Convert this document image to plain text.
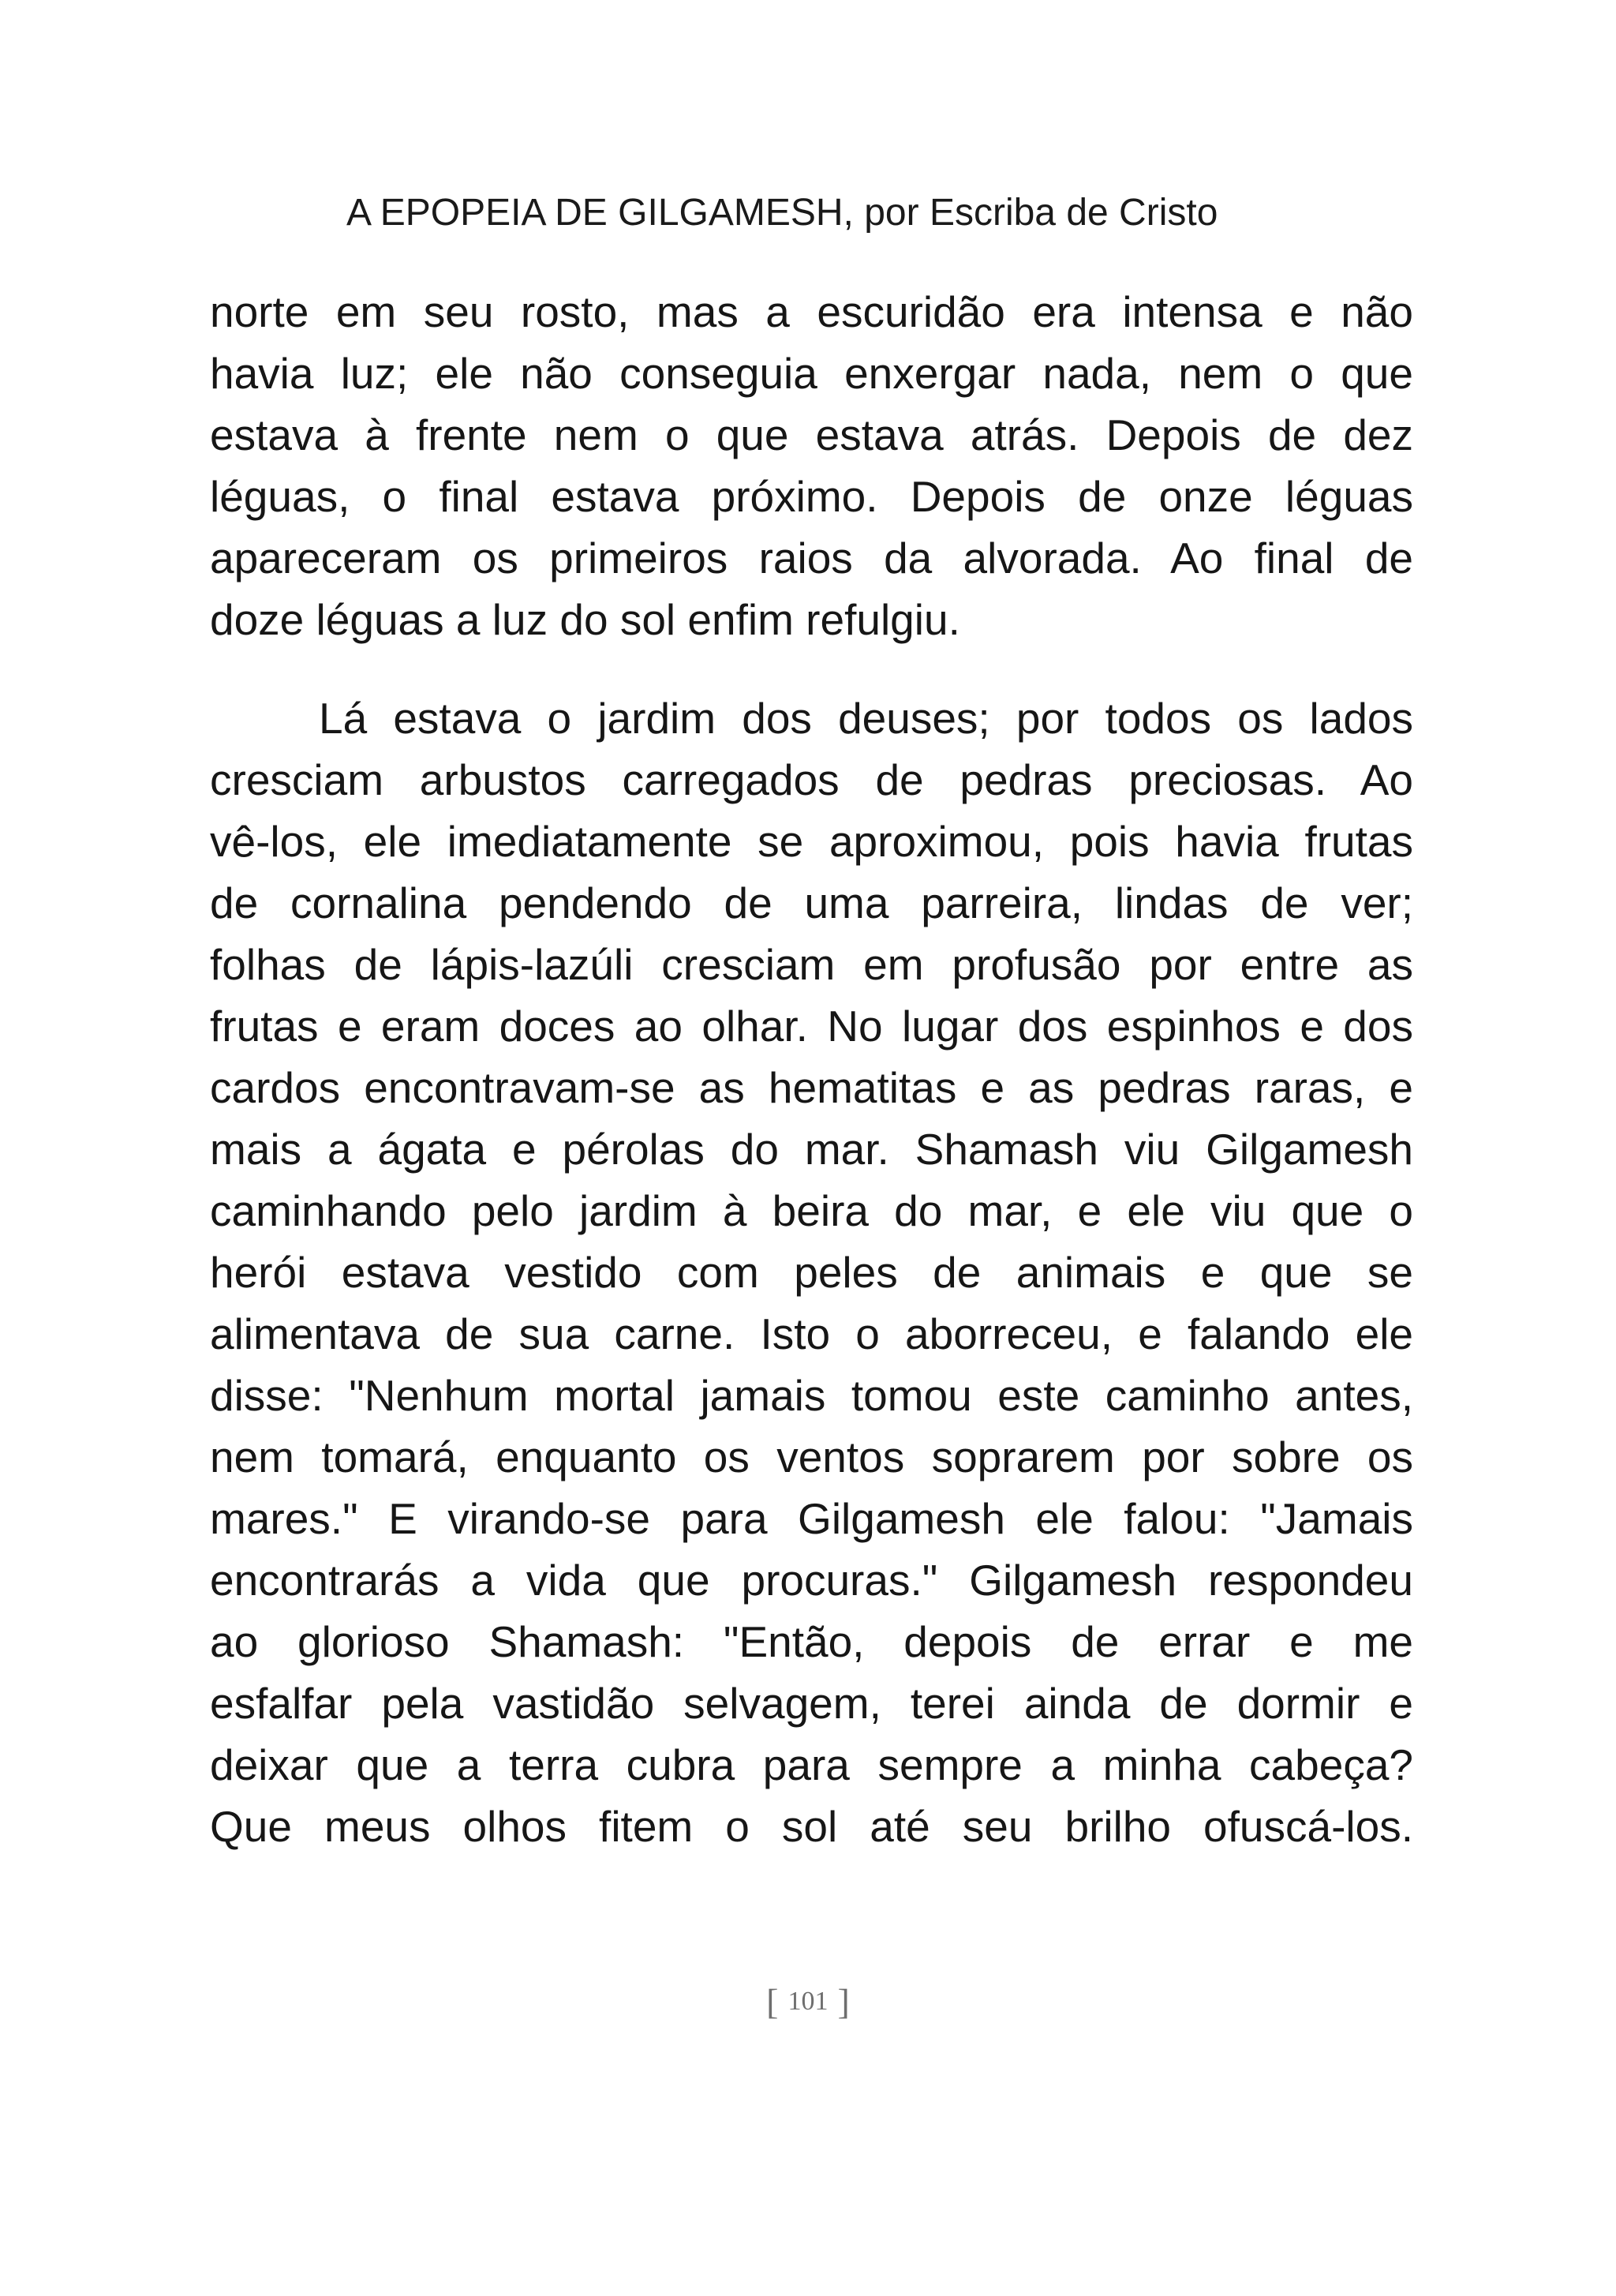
A EPOPEIA DE GILGAMESH, por Escriba de Cristo
norte em seu rosto, mas a escuridão era intensa e não
havia luz; ele não conseguia enxergar nada, nem o que
estava à frente nem o que estava atrás. Depois de dez
léguas, o final estava próximo. Depois de onze léguas
apareceram os primeiros raios da alvorada. Ao final de
doze léguas a luz do sol enfim refulgiu.
Lá estava o jardim dos deuses; por todos os lados
cresciam arbustos carregados de pedras preciosas. Ao
vê-los, ele imediatamente se aproximou, pois havia frutas
de cornalina pendendo de uma parreira, lindas de ver;
folhas de lápis-lazúli cresciam em profusão por entre as
frutas e eram doces ao olhar. No lugar dos espinhos e dos
cardos encontravam-se as hematitas e as pedras raras, e
mais a ágata e pérolas do mar. Shamash viu Gilgamesh
caminhando pelo jardim à beira do mar, e ele viu que o
herói estava vestido com peles de animais e que se
alimentava de sua carne. Isto o aborreceu, e falando ele
disse: "Nenhum mortal jamais tomou este caminho antes,
nem tomará, enquanto os ventos soprarem por sobre os
mares." E virando-se para Gilgamesh ele falou: "Jamais
encontrarás a vida que procuras." Gilgamesh respondeu
ao glorioso Shamash: "Então, depois de errar e me
esfalfar pela vastidão selvagem, terei ainda de dormir e
deixar que a terra cubra para sempre a minha cabeça?
Que meus olhos fitem o sol até seu brilho ofuscá-los.
[ 101 ]
